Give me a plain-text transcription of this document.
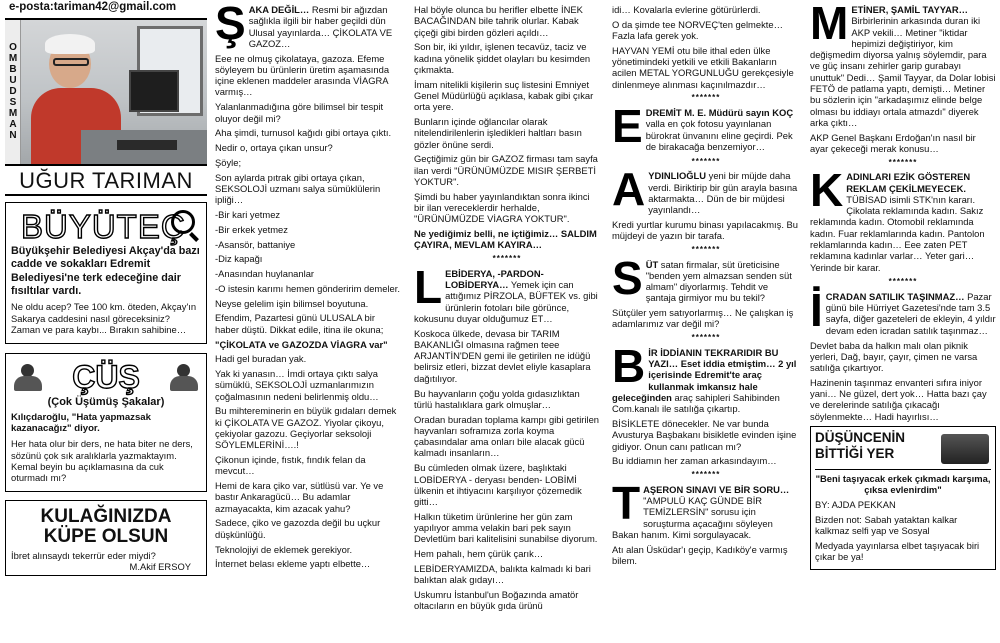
e-posta:tariman42@gmail.com
OMBUDSMAN
UĞUR TARIMAN
BÜYÜTEÇ

Büyükşehir Belediyesi Akçay'da bazı cadde ve sokakları Edremit Belediyesi'ne terk edeceğine dair fısıltılar vardı.

Ne oldu acep? Tee 100 km. öteden, Akçay'ın Sakarya caddesini nasıl göreceksiniz? Zaman ve para kaybı... Bırakın sahibine…

ÇÜŞ
(Çok Üşümüş Şakalar)

Kılıçdaroğlu, "Hata yapmazsak kazanacağız" diyor.

Her hata olur bir ders, ne hata biter ne ders, sözünü çok sık aralıklarla yazmaktayım. Kemal beyin bu açıklamasına da cuk oturmadı mı?

KULAĞINIZDA
KÜPE OLSUN
İbret alınsaydı tekerrür eder miydi?
M.Akif ERSOY

ŞAKA DEĞİL… Resmi bir ağızdan sağlıkla ilgili bir haber geçildi dün Ulusal yayınlarda… ÇİKOLATA VE GAZOZ…

Eee ne olmuş çikolataya, gazoza. Efeme söyleyem bu ürünlerin üretim aşamasında içine eklenen maddeler arasında VİAGRA varmış…

Yalanlanmadığına göre bilimsel bir tespit oluyor değil mi?

Aha şimdi, turnusol kağıdı gibi ortaya çıktı.

Nedir o, ortaya çıkan unsur?

Şöyle;

Son aylarda pıtrak gibi ortaya çıkan, SEKSOLOJİ uzmanı salya sümüklülerin ipliği…

-Bir kari yetmez

-Bir erkek yetmez

-Asansör, battaniye

-Diz kapağı

-Anasından huylananlar

-O istesin karımı hemen gönderirim demeler.

Neyse gelelim işin bilimsel boyutuna.

Efendim, Pazartesi günü ULUSALA bir haber düştü. Dikkat edile, itina ile okuna;

"ÇİKOLATA ve GAZOZDA VİAGRA var"

Hadi gel buradan yak.

Yak ki yanasın… İmdi ortaya çıktı salya sümüklü, SEKSOLOJİ uzmanlarımızın çoğalmasının nedeni belirlenmiş oldu…

Bu mihtereminerin en büyük gıdaları demek ki ÇİKOLATA VE GAZOZ. Yiyolar çikoyu, çekiyolar gazozu. Geçiyorlar seksoloji SÖYLEMLERİNİ….!

Çikonun içinde, fıstık, fındık felan da mevcut…

Hemi de kara çiko var, sütlüsü var. Ye ve bastır Ankaragücü… Bu adamlar azmayacakta, kim azacak yahu?

Sadece, çiko ve gazozda değil bu uçkur düşkünlüğü.

Teknolojiyi de eklemek gerekiyor.

İnternet belası ekleme yaptı elbette…

Hal böyle olunca bu herifler elbette İNEK BACAĞINDAN bile tahrik olurlar. Kabak çiçeği gibi birden gözleri açıldı…

Son bir, iki yıldır, işlenen tecavüz, taciz ve kadına yönelik şiddet olayları bu kesimden çıkmakta.

İmam nitelikli kişilerin suç listesini Emniyet Genel Müdürlüğü açıklasa, kabak gibi çıkar orta yere.

Bunların içinde oğlancılar olarak nitelendirilenlerin işledikleri haltları basın gözler önüne serdi.

Geçtiğimiz gün bir GAZOZ firması tam sayfa ilan verdi "ÜRÜNÜMÜZDE MISIR ŞERBETİ YOKTUR".

Şimdi bu haber yayınlandıktan sonra ikinci bir ilan vereceklerdir herhalde, "ÜRÜNÜMÜZDE VİAGRA YOKTUR".

Ne yediğimiz belli, ne içtiğimiz… SALDIM ÇAYIRA, MEVLAM KAYIRA…

*******

LEBİDERYA, -PARDON- LOBİDERYA… Yemek için can attığımız PİRZOLA, BÜFTEK vs. gibi ürünlerin fotoları bile görünce, kokusunu duyar olduğumuz ET…

Koskoca ülkede, devasa bir TARIM BAKANLIĞI olmasına rağmen teee ARJANTİN'DEN gemi ile getirilen ne idüğü belirsiz etleri, bizzat devlet eliyle kasaplara dağıtılıyor.

Bu hayvanların çoğu yolda gıdasızlıktan türlü hastalıklara gark olmuşlar…

Oradan buradan toplama kampı gibi getirilen hayvanları soframıza zorla koyma çabasındalar ama onları bile alacak gücü kalmadı insanların…

Bu cümleden olmak üzere, başlıktaki LOBİDERYA - deryası benden- LOBİMİ ülkenin et ihtiyacını karşılıyor çözemedik gitti…

Halkın tüketim ürünlerine her gün zam yapılıyor amma velakin bari pek sayın Devletlüm bari kalitelisini sunabilse diyorum.

Hem pahalı, hem çürük çarık…

LEBİDERYAMIZDA, balıkta kalmadı ki bari balıktan alak gıdayı…

Uskumru İstanbul'un Boğazında amatör oltacıların en büyük gıda ürünü

idi… Kovalarla evlerine götürürlerdi.

O da şimde tee NORVEÇ'ten gelmekte… Fazla lafa gerek yok.

HAYVAN YEMİ otu bile ithal eden ülke yönetimindeki yetkili ve etkili Bakanların acilen METAL YORGUNLUĞU gerekçesiyle dinlenmeye alınması kaçınılmazdır…

*******

EDREMİT M. E. Müdürü sayın KOÇ valla en çok fotosu yayınlanan bürokrat ünvanını eline geçirdi. Pek de birakacağa benzemiyor…

*******

AYDINLIOĞLU yeni bir müjde daha verdi. Biriktirip bir gün arayla basına aktarmakta… Dün de bir müjdesi yayınlandı…

Kredi yurtlar kurumu binası yapılacakmış. Bu müjdeyi de yazın bir tarafa.

*******

SÜT satan firmalar, süt üreticisine "benden yem almazsan senden süt almam" diyorlarmış. Tehdit ve şantaja girmiyor mu bu tekil?

Sütçüler yem satıyorlarmış… Ne çalışkan iş adamlarımız var değil mi?

*******

BİR İDDİANIN TEKRARIDIR BU YAZI… Eset iddia etmiştim… 2 yıl içerisinde Edremit'te araç kullanmak imkansız hale geleceğinden araç sahipleri Sahibinden Com.kanalı ile satılığa çıkartıp.

BİSİKLETE dönecekler. Ne var bunda Avusturya Başbakanı bisikletle evinden işine gidiyor. Onun canı patlıcan mı?

Bu iddiamın her zaman arkasındayım…

*******

TAŞERON SINAVI VE BİR SORU… "AMPULÜ KAÇ GÜNDE BİR TEMİZLERSİN" sorusu için soruşturma açacağını söyleyen Bakan hanım. Kimi sorgulayacak.

Atı alan Üsküdar'ı geçip, Kadıköy'e varmış bilem.

METİNER, ŞAMİL TAYYAR… Birbirlerinin arkasında duran iki AKP vekili… Metiner "iktidar hepimizi değiştiriyor, kim değişmedim diyorsa yalnış söylemdir, para ve güç insanı zehirler garip gurabayı unuttuk" Dedi… Şamil Tayyar, da Dolar lobisi FETÖ de patlama yaptı, demişti… Metiner bu sözlerin için "arkadaşımız elinde belge olması bu iddiayı ortala atmazdı" diyerek arka çıktı…

AKP Genel Başkanı Erdoğan'ın nasıl bir ayar çekeceği merak konusu…

*******

KADINLARI EZİK GÖSTEREN REKLAM ÇEKİLMEYECEK. TÜBİSAD isimli STK'nın kararı. Çikolata reklamında kadın. Sakız reklamında kadın. Otomobil reklamında kadın. Fuar reklamlarında kadın. Pantolon reklamlarında kadın… Eee zaten PET reklamına kadınlar varlar… Yeter gari… Yerinde bir karar.

*******

İCRADAN SATILIK TAŞINMAZ… Pazar günü bile Hürriyet Gazetesi'nde tam 3.5 sayfa, diğer gazeteleri de ekleyin, 4 yıldır devam eden icradan satılık taşınmaz…

Devlet baba da halkın malı olan piknik yerleri, Dağ, bayır, çayır, çimen ne varsa satılığa çıkartıyor.

Hazinenin taşınmaz envanteri sıfıra iniyor yani… Ne güzel, dert yok… Hatta bazı çay ve derelerinde satılığa çıkacağı söylenmekte… Hadi hayırlısı…

DÜŞÜNCENİN
BİTTİĞİ YER

"Beni taşıyacak erkek çıkmadı karşıma, çıksa evlenirdim"

BY: AJDA PEKKAN

Bizden not: Sabah yataktan kalkar kalkmaz selfi yap ve Sosyal

Medyada yayınlarsa elbet taşıyacak biri çıkar be ya!
